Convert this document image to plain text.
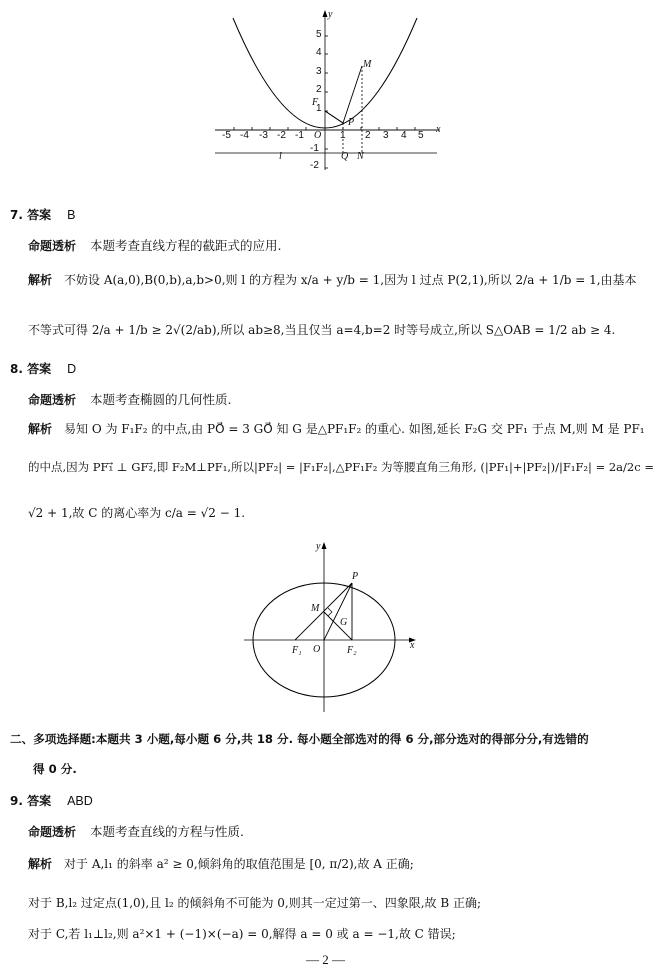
y
x
5
4
3
2
1
-1
-2
-5 -4 -3 -2 -1 O 1 2 3 4 5
M
F
P
Q N
l
7. 答案 B
命题透析 本题考查直线方程的截距式的应用.
解析 不妨设 A(a,0),B(0,b),a,b>0,则 l 的方程为 x/a + y/b = 1,因为 l 过点 P(2,1),所以 2/a + 1/b = 1,由基本
不等式可得 2/a + 1/b ≥ 2√(2/ab),所以 ab≥8,当且仅当 a=4,b=2 时等号成立,所以 S△OAB = 1/2 ab ≥ 4.
8. 答案 D
命题透析 本题考查椭圆的几何性质.
解析 易知 O 为 F₁F₂ 的中点,由 PO⃗ = 3 GO⃗ 知 G 是△PF₁F₂ 的重心. 如图,延长 F₂G 交 PF₁ 于点 M,则 M 是 PF₁
的中点,因为 PF₁⃗ ⊥ GF₂⃗,即 F₂M⊥PF₁,所以|PF₂| = |F₁F₂|,△PF₁F₂ 为等腰直角三角形, (|PF₁|+|PF₂|)/|F₁F₂| = 2a/2c =
√2 + 1,故 C 的离心率为 c/a = √2 − 1.
y
x
P
M
G
F₁ O	F₂
二、多项选择题:本题共 3 小题,每小题 6 分,共 18 分. 每小题全部选对的得 6 分,部分选对的得部分分,有选错的
得 0 分.
9. 答案 ABD
命题透析 本题考查直线的方程与性质.
解析 对于 A,l₁ 的斜率 a² ≥ 0,倾斜角的取值范围是 [0, π/2),故 A 正确;
对于 B,l₂ 过定点(1,0),且 l₂ 的倾斜角不可能为 0,则其一定过第一、四象限,故 B 正确;
对于 C,若 l₁⊥l₂,则 a²×1 + (−1)×(−a) = 0,解得 a = 0 或 a = −1,故 C 错误;
— 2 —
